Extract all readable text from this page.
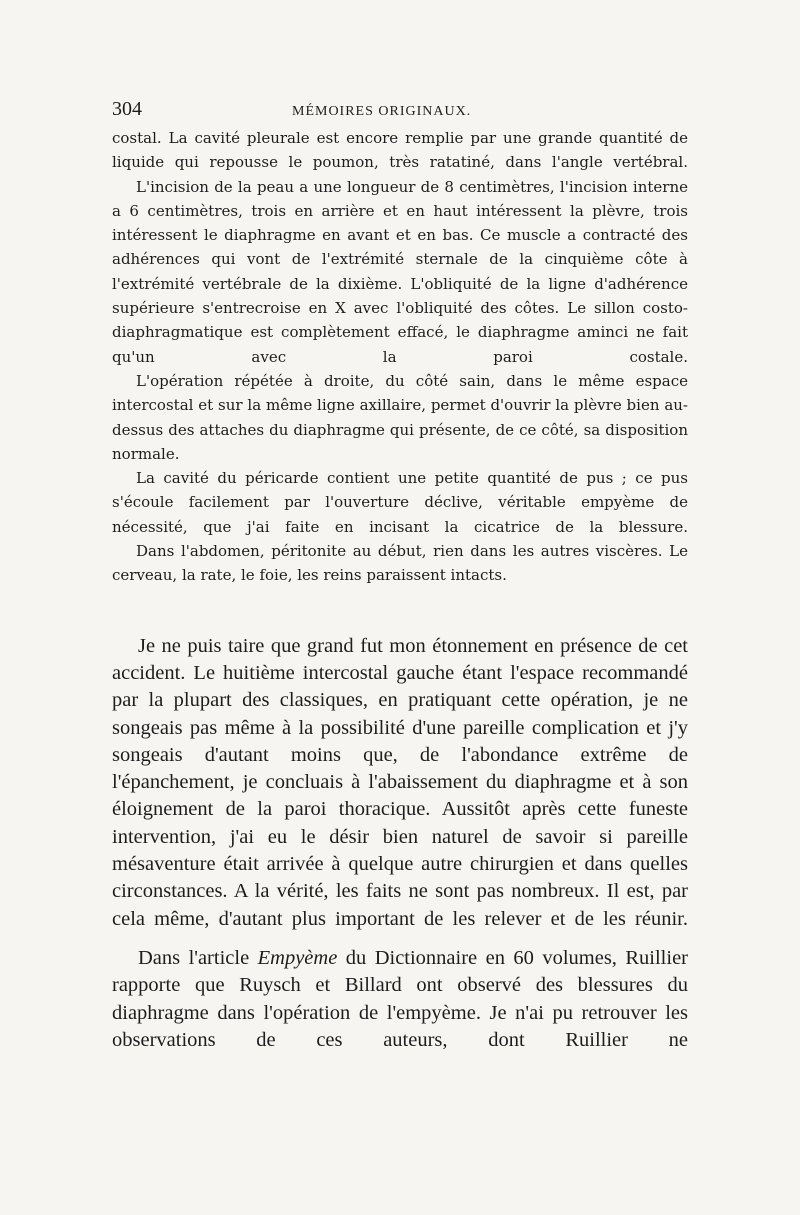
304	MÉMOIRES ORIGINAUX.

costal. La cavité pleurale est encore remplie par une grande quantité de liquide qui repousse le poumon, très ratatiné, dans l'angle vertébral.

L'incision de la peau a une longueur de 8 centimètres, l'incision interne a 6 centimètres, trois en arrière et en haut intéressent la plèvre, trois intéressent le diaphragme en avant et en bas. Ce muscle a contracté des adhérences qui vont de l'extrémité sternale de la cinquième côte à l'extrémité vertébrale de la dixième. L'obliquité de la ligne d'adhérence supérieure s'entrecroise en X avec l'obliquité des côtes. Le sillon costo-diaphragmatique est complètement effacé, le diaphragme aminci ne fait qu'un avec la paroi costale.

L'opération répétée à droite, du côté sain, dans le même espace intercostal et sur la même ligne axillaire, permet d'ouvrir la plèvre bien au-dessus des attaches du diaphragme qui présente, de ce côté, sa disposition normale.

La cavité du péricarde contient une petite quantité de pus ; ce pus s'écoule facilement par l'ouverture déclive, véritable empyème de nécessité, que j'ai faite en incisant la cicatrice de la blessure.

Dans l'abdomen, péritonite au début, rien dans les autres viscères. Le cerveau, la rate, le foie, les reins paraissent intacts.

Je ne puis taire que grand fut mon étonnement en présence de cet accident. Le huitième intercostal gauche étant l'espace recommandé par la plupart des classiques, en pratiquant cette opération, je ne songeais pas même à la possibilité d'une pareille complication et j'y songeais d'autant moins que, de l'abondance extrême de l'épanchement, je concluais à l'abaissement du diaphragme et à son éloignement de la paroi thoracique. Aussitôt après cette funeste intervention, j'ai eu le désir bien naturel de savoir si pareille mésaventure était arrivée à quelque autre chirurgien et dans quelles circonstances. A la vérité, les faits ne sont pas nombreux. Il est, par cela même, d'autant plus important de les relever et de les réunir.

Dans l'article Empyème du Dictionnaire en 60 volumes, Ruillier rapporte que Ruysch et Billard ont observé des blessures du diaphragme dans l'opération de l'empyème. Je n'ai pu retrouver les observations de ces auteurs, dont Ruillier ne
